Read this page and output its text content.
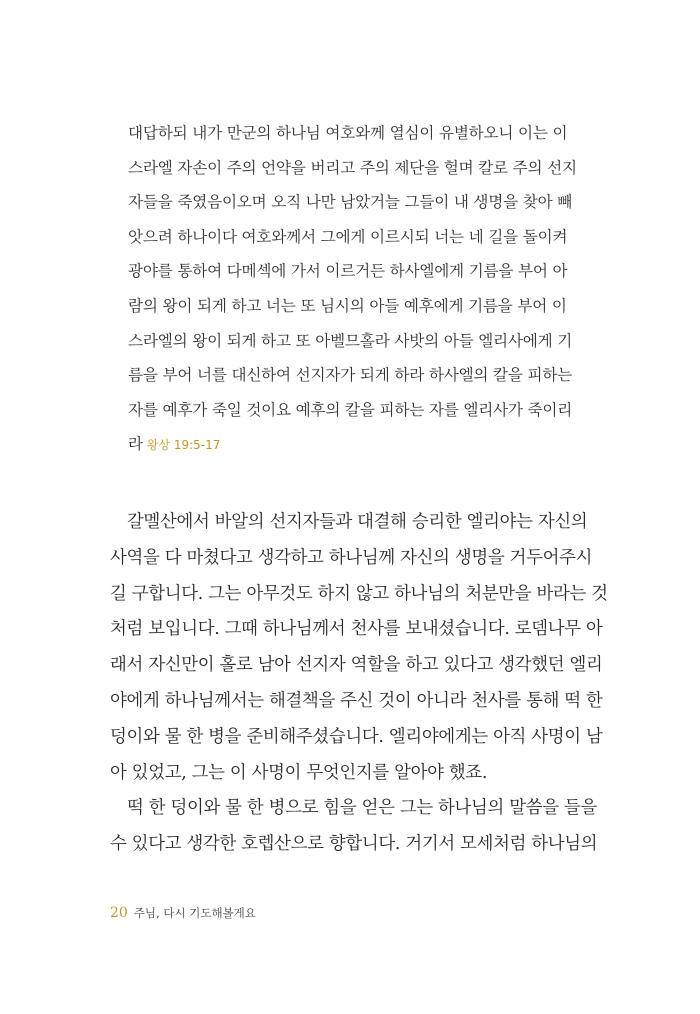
대답하되 내가 만군의 하나님 여호와께 열심이 유별하오니 이는 이
스라엘 자손이 주의 언약을 버리고 주의 제단을 헐며 칼로 주의 선지
자들을 죽였음이오며 오직 나만 남았거늘 그들이 내 생명을 찾아 빼
앗으려 하나이다 여호와께서 그에게 이르시되 너는 네 길을 돌이켜
광야를 통하여 다메섹에 가서 이르거든 하사엘에게 기름을 부어 아
람의 왕이 되게 하고 너는 또 님시의 아들 예후에게 기름을 부어 이
스라엘의 왕이 되게 하고 또 아벨므홀라 사밧의 아들 엘리사에게 기
름을 부어 너를 대신하여 선지자가 되게 하라 하사엘의 칼을 피하는
자를 예후가 죽일 것이요 예후의 칼을 피하는 자를 엘리사가 죽이리
라 왕상 19:5-17
갈멜산에서 바알의 선지자들과 대결해 승리한 엘리야는 자신의
사역을 다 마쳤다고 생각하고 하나님께 자신의 생명을 거두어주시
길 구합니다. 그는 아무것도 하지 않고 하나님의 처분만을 바라는 것
처럼 보입니다. 그때 하나님께서 천사를 보내셨습니다. 로뎀나무 아
래서 자신만이 홀로 남아 선지자 역할을 하고 있다고 생각했던 엘리
야에게 하나님께서는 해결책을 주신 것이 아니라 천사를 통해 떡 한
덩이와 물 한 병을 준비해주셨습니다. 엘리야에게는 아직 사명이 남
아 있었고, 그는 이 사명이 무엇인지를 알아야 했죠.
떡 한 덩이와 물 한 병으로 힘을 얻은 그는 하나님의 말씀을 들을
수 있다고 생각한 호렙산으로 향합니다. 거기서 모세처럼 하나님의
20 주님, 다시 기도해볼게요
